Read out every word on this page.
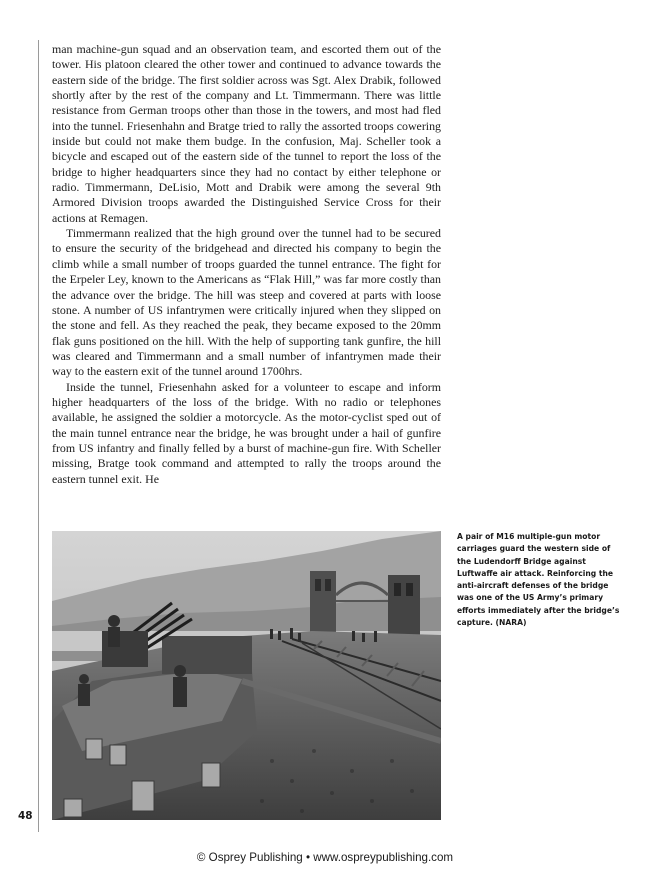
man machine-gun squad and an observation team, and escorted them out of the tower. His platoon cleared the other tower and continued to advance towards the eastern side of the bridge. The first soldier across was Sgt. Alex Drabik, followed shortly after by the rest of the company and Lt. Timmermann. There was little resistance from German troops other than those in the towers, and most had fled into the tunnel. Friesenhahn and Bratge tried to rally the assorted troops cowering inside but could not make them budge. In the confusion, Maj. Scheller took a bicycle and escaped out of the eastern side of the tunnel to report the loss of the bridge to higher headquarters since they had no contact by either telephone or radio. Timmermann, DeLisio, Mott and Drabik were among the several 9th Armored Division troops awarded the Distinguished Service Cross for their actions at Remagen.

Timmermann realized that the high ground over the tunnel had to be secured to ensure the security of the bridgehead and directed his company to begin the climb while a small number of troops guarded the tunnel entrance. The fight for the Erpeler Ley, known to the Americans as “Flak Hill,” was far more costly than the advance over the bridge. The hill was steep and covered at parts with loose stone. A number of US infantrymen were critically injured when they slipped on the stone and fell. As they reached the peak, they became exposed to the 20mm flak guns positioned on the hill. With the help of supporting tank gunfire, the hill was cleared and Timmermann and a small number of infantrymen made their way to the eastern exit of the tunnel around 1700hrs.

Inside the tunnel, Friesenhahn asked for a volunteer to escape and inform higher headquarters of the loss of the bridge. With no radio or telephones available, he assigned the soldier a motorcycle. As the motor-cyclist sped out of the main tunnel entrance near the bridge, he was brought under a hail of gunfire from US infantry and finally felled by a burst of machine-gun fire. With Scheller missing, Bratge took command and attempted to rally the troops around the eastern tunnel exit. He

A pair of M16 multiple-gun motor carriages guard the western side of the Ludendorff Bridge against Luftwaffe air attack. Reinforcing the anti-aircraft defenses of the bridge was one of the US Army’s primary efforts immediately after the bridge’s capture. (NARA)
48
© Osprey Publishing • www.ospreypublishing.com
